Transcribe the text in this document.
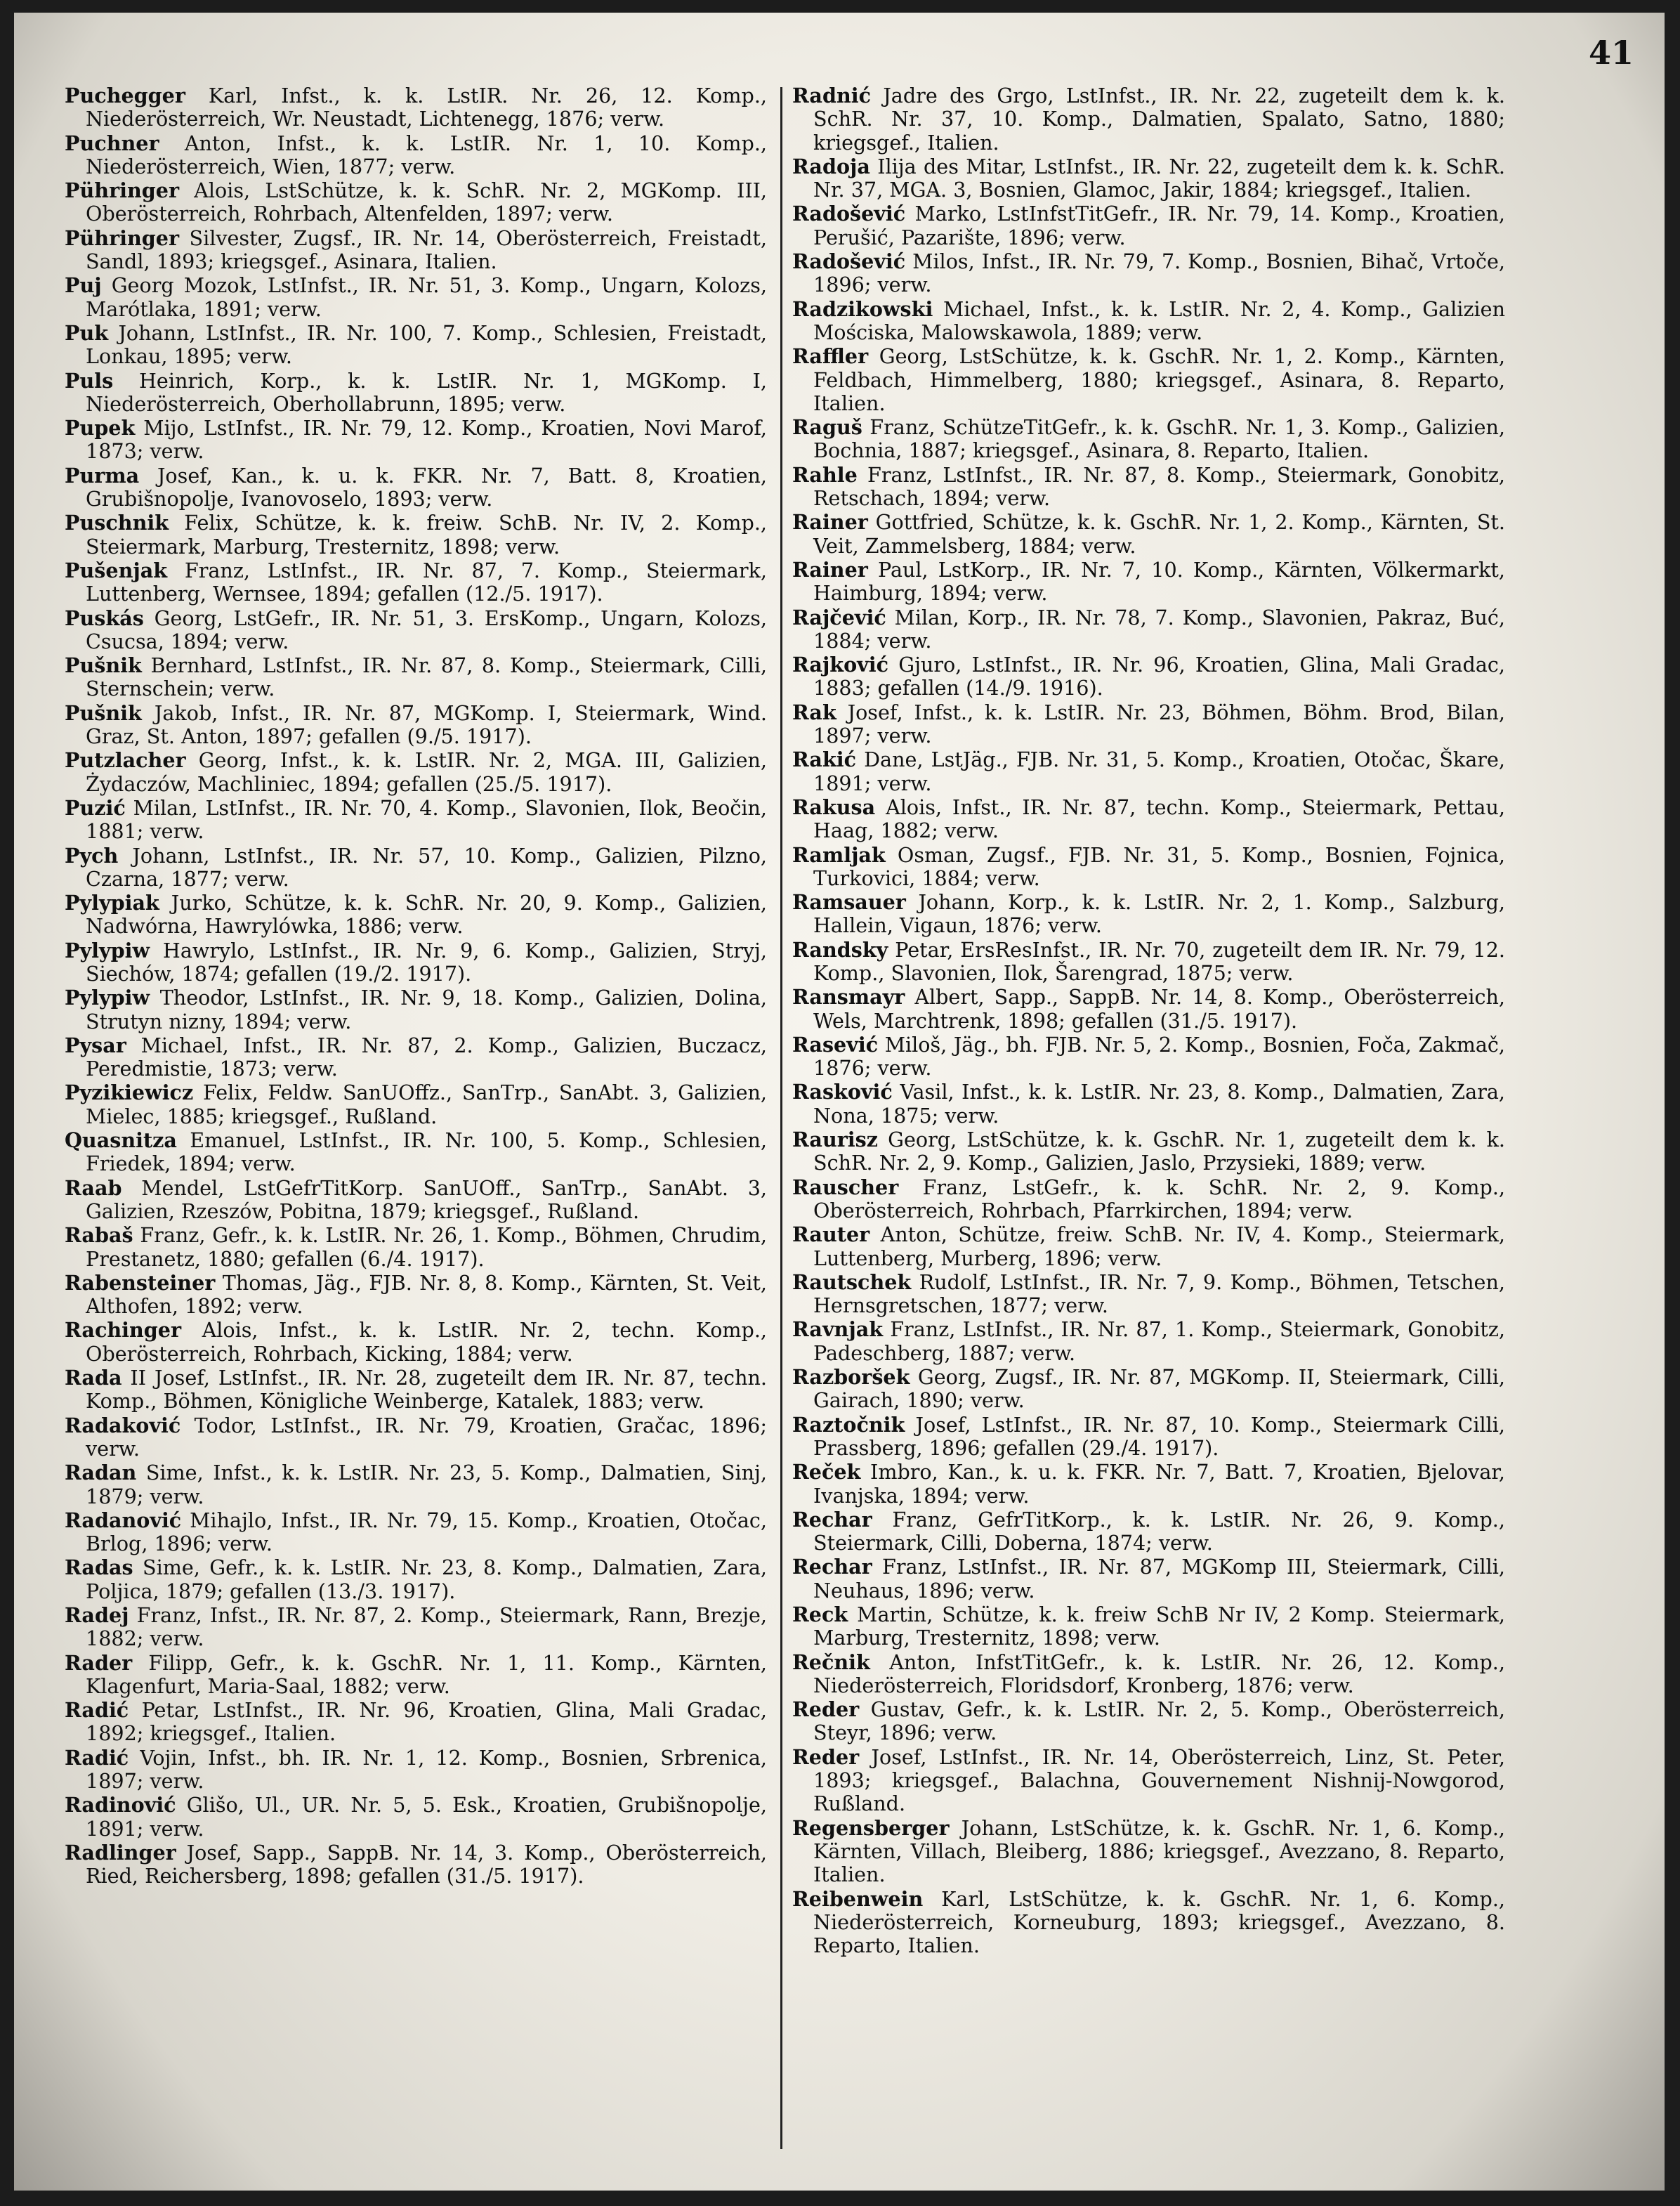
41

Puchegger Karl, Infst., k. k. LstIR. Nr. 26, 12. Komp., Niederösterreich, Wr. Neustadt, Lichtenegg, 1876; verw.

Puchner Anton, Infst., k. k. LstIR. Nr. 1, 10. Komp., Niederösterreich, Wien, 1877; verw.

Pühringer Alois, LstSchütze, k. k. SchR. Nr. 2, MGKomp. III, Oberösterreich, Rohrbach, Altenfelden, 1897; verw.

Pühringer Silvester, Zugsf., IR. Nr. 14, Oberösterreich, Freistadt, Sandl, 1893; kriegsgef., Asinara, Italien.

Puj Georg Mozok, LstInfst., IR. Nr. 51, 3. Komp., Ungarn, Kolozs, Marótlaka, 1891; verw.

Puk Johann, LstInfst., IR. Nr. 100, 7. Komp., Schlesien, Freistadt, Lonkau, 1895; verw.

Puls Heinrich, Korp., k. k. LstIR. Nr. 1, MGKomp. I, Niederösterreich, Oberhollabrunn, 1895; verw.

Pupek Mijo, LstInfst., IR. Nr. 79, 12. Komp., Kroatien, Novi Marof, 1873; verw.

Purma Josef, Kan., k. u. k. FKR. Nr. 7, Batt. 8, Kroatien, Grubišnopolje, Ivanovoselo, 1893; verw.

Puschnik Felix, Schütze, k. k. freiw. SchB. Nr. IV, 2. Komp., Steiermark, Marburg, Tresternitz, 1898; verw.

Pušenjak Franz, LstInfst., IR. Nr. 87, 7. Komp., Steiermark, Luttenberg, Wernsee, 1894; gefallen (12./5. 1917).

Puskás Georg, LstGefr., IR. Nr. 51, 3. ErsKomp., Ungarn, Kolozs, Csucsa, 1894; verw.

Pušnik Bernhard, LstInfst., IR. Nr. 87, 8. Komp., Steiermark, Cilli, Sternschein; verw.

Pušnik Jakob, Infst., IR. Nr. 87, MGKomp. I, Steiermark, Wind. Graz, St. Anton, 1897; gefallen (9./5. 1917).

Putzlacher Georg, Infst., k. k. LstIR. Nr. 2, MGA. III, Galizien, Żydaczów, Machliniec, 1894; gefallen (25./5. 1917).

Puzić Milan, LstInfst., IR. Nr. 70, 4. Komp., Slavonien, Ilok, Beočin, 1881; verw.

Pych Johann, LstInfst., IR. Nr. 57, 10. Komp., Galizien, Pilzno, Czarna, 1877; verw.

Pylypiak Jurko, Schütze, k. k. SchR. Nr. 20, 9. Komp., Galizien, Nadwórna, Hawrylówka, 1886; verw.

Pylypiw Hawrylo, LstInfst., IR. Nr. 9, 6. Komp., Galizien, Stryj, Siechów, 1874; gefallen (19./2. 1917).

Pylypiw Theodor, LstInfst., IR. Nr. 9, 18. Komp., Galizien, Dolina, Strutyn nizny, 1894; verw.

Pysar Michael, Infst., IR. Nr. 87, 2. Komp., Galizien, Buczacz, Peredmistie, 1873; verw.

Pyzikiewicz Felix, Feldw. SanUOffz., SanTrp., SanAbt. 3, Galizien, Mielec, 1885; kriegsgef., Rußland.

Quasnitza Emanuel, LstInfst., IR. Nr. 100, 5. Komp., Schlesien, Friedek, 1894; verw.

Raab Mendel, LstGefrTitKorp. SanUOff., SanTrp., SanAbt. 3, Galizien, Rzeszów, Pobitna, 1879; kriegsgef., Rußland.

Rabaš Franz, Gefr., k. k. LstIR. Nr. 26, 1. Komp., Böhmen, Chrudim, Prestanetz, 1880; gefallen (6./4. 1917).

Rabensteiner Thomas, Jäg., FJB. Nr. 8, 8. Komp., Kärnten, St. Veit, Althofen, 1892; verw.

Rachinger Alois, Infst., k. k. LstIR. Nr. 2, techn. Komp., Oberösterreich, Rohrbach, Kicking, 1884; verw.

Rada II Josef, LstInfst., IR. Nr. 28, zugeteilt dem IR. Nr. 87, techn. Komp., Böhmen, Königliche Weinberge, Katalek, 1883; verw.

Radaković Todor, LstInfst., IR. Nr. 79, Kroatien, Gračac, 1896; verw.

Radan Sime, Infst., k. k. LstIR. Nr. 23, 5. Komp., Dalmatien, Sinj, 1879; verw.

Radanović Mihajlo, Infst., IR. Nr. 79, 15. Komp., Kroatien, Otočac, Brlog, 1896; verw.

Radas Sime, Gefr., k. k. LstIR. Nr. 23, 8. Komp., Dalmatien, Zara, Poljica, 1879; gefallen (13./3. 1917).

Radej Franz, Infst., IR. Nr. 87, 2. Komp., Steiermark, Rann, Brezje, 1882; verw.

Rader Filipp, Gefr., k. k. GschR. Nr. 1, 11. Komp., Kärnten, Klagenfurt, Maria-Saal, 1882; verw.

Radić Petar, LstInfst., IR. Nr. 96, Kroatien, Glina, Mali Gradac, 1892; kriegsgef., Italien.

Radić Vojin, Infst., bh. IR. Nr. 1, 12. Komp., Bosnien, Srbrenica, 1897; verw.

Radinović Glišo, Ul., UR. Nr. 5, 5. Esk., Kroatien, Grubišnopolje, 1891; verw.

Radlinger Josef, Sapp., SappB. Nr. 14, 3. Komp., Oberösterreich, Ried, Reichersberg, 1898; gefallen (31./5. 1917).

Radnić Jadre des Grgo, LstInfst., IR. Nr. 22, zugeteilt dem k. k. SchR. Nr. 37, 10. Komp., Dalmatien, Spalato, Satno, 1880; kriegsgef., Italien.

Radoja Ilija des Mitar, LstInfst., IR. Nr. 22, zugeteilt dem k. k. SchR. Nr. 37, MGA. 3, Bosnien, Glamoc, Jakir, 1884; kriegsgef., Italien.

Radošević Marko, LstInfstTitGefr., IR. Nr. 79, 14. Komp., Kroatien, Perušić, Pazarište, 1896; verw.

Radošević Milos, Infst., IR. Nr. 79, 7. Komp., Bosnien, Bihač, Vrtoče, 1896; verw.

Radzikowski Michael, Infst., k. k. LstIR. Nr. 2, 4. Komp., Galizien Mościska, Malowskawola, 1889; verw.

Raffler Georg, LstSchütze, k. k. GschR. Nr. 1, 2. Komp., Kärnten, Feldbach, Himmelberg, 1880; kriegsgef., Asinara, 8. Reparto, Italien.

Raguš Franz, SchützeTitGefr., k. k. GschR. Nr. 1, 3. Komp., Galizien, Bochnia, 1887; kriegsgef., Asinara, 8. Reparto, Italien.

Rahle Franz, LstInfst., IR. Nr. 87, 8. Komp., Steiermark, Gonobitz, Retschach, 1894; verw.

Rainer Gottfried, Schütze, k. k. GschR. Nr. 1, 2. Komp., Kärnten, St. Veit, Zammelsberg, 1884; verw.

Rainer Paul, LstKorp., IR. Nr. 7, 10. Komp., Kärnten, Völkermarkt, Haimburg, 1894; verw.

Rajčević Milan, Korp., IR. Nr. 78, 7. Komp., Slavonien, Pakraz, Buć, 1884; verw.

Rajković Gjuro, LstInfst., IR. Nr. 96, Kroatien, Glina, Mali Gradac, 1883; gefallen (14./9. 1916).

Rak Josef, Infst., k. k. LstIR. Nr. 23, Böhmen, Böhm. Brod, Bilan, 1897; verw.

Rakić Dane, LstJäg., FJB. Nr. 31, 5. Komp., Kroatien, Otočac, Škare, 1891; verw.

Rakusa Alois, Infst., IR. Nr. 87, techn. Komp., Steiermark, Pettau, Haag, 1882; verw.

Ramljak Osman, Zugsf., FJB. Nr. 31, 5. Komp., Bosnien, Fojnica, Turkovici, 1884; verw.

Ramsauer Johann, Korp., k. k. LstIR. Nr. 2, 1. Komp., Salzburg, Hallein, Vigaun, 1876; verw.

Randsky Petar, ErsResInfst., IR. Nr. 70, zugeteilt dem IR. Nr. 79, 12. Komp., Slavonien, Ilok, Šarengrad, 1875; verw.

Ransmayr Albert, Sapp., SappB. Nr. 14, 8. Komp., Oberösterreich, Wels, Marchtrenk, 1898; gefallen (31./5. 1917).

Rasević Miloš, Jäg., bh. FJB. Nr. 5, 2. Komp., Bosnien, Foča, Zakmač, 1876; verw.

Rasković Vasil, Infst., k. k. LstIR. Nr. 23, 8. Komp., Dalmatien, Zara, Nona, 1875; verw.

Raurisz Georg, LstSchütze, k. k. GschR. Nr. 1, zugeteilt dem k. k. SchR. Nr. 2, 9. Komp., Galizien, Jaslo, Przysieki, 1889; verw.

Rauscher Franz, LstGefr., k. k. SchR. Nr. 2, 9. Komp., Oberösterreich, Rohrbach, Pfarrkirchen, 1894; verw.

Rauter Anton, Schütze, freiw. SchB. Nr. IV, 4. Komp., Steiermark, Luttenberg, Murberg, 1896; verw.

Rautschek Rudolf, LstInfst., IR. Nr. 7, 9. Komp., Böhmen, Tetschen, Hernsgretschen, 1877; verw.

Ravnjak Franz, LstInfst., IR. Nr. 87, 1. Komp., Steiermark, Gonobitz, Padeschberg, 1887; verw.

Razboršek Georg, Zugsf., IR. Nr. 87, MGKomp. II, Steiermark, Cilli, Gairach, 1890; verw.

Raztočnik Josef, LstInfst., IR. Nr. 87, 10. Komp., Steiermark Cilli, Prassberg, 1896; gefallen (29./4. 1917).

Reček Imbro, Kan., k. u. k. FKR. Nr. 7, Batt. 7, Kroatien, Bjelovar, Ivanjska, 1894; verw.

Rechar Franz, GefrTitKorp., k. k. LstIR. Nr. 26, 9. Komp., Steiermark, Cilli, Doberna, 1874; verw.

Rechar Franz, LstInfst., IR. Nr. 87, MGKomp III, Steiermark, Cilli, Neuhaus, 1896; verw.

Reck Martin, Schütze, k. k. freiw SchB Nr IV, 2 Komp. Steiermark, Marburg, Tresternitz, 1898; verw.

Rečnik Anton, InfstTitGefr., k. k. LstIR. Nr. 26, 12. Komp., Niederösterreich, Floridsdorf, Kronberg, 1876; verw.

Reder Gustav, Gefr., k. k. LstIR. Nr. 2, 5. Komp., Oberösterreich, Steyr, 1896; verw.

Reder Josef, LstInfst., IR. Nr. 14, Oberösterreich, Linz, St. Peter, 1893; kriegsgef., Balachna, Gouvernement Nishnij-Nowgorod, Rußland.

Regensberger Johann, LstSchütze, k. k. GschR. Nr. 1, 6. Komp., Kärnten, Villach, Bleiberg, 1886; kriegsgef., Avezzano, 8. Reparto, Italien.

Reibenwein Karl, LstSchütze, k. k. GschR. Nr. 1, 6. Komp., Niederösterreich, Korneuburg, 1893; kriegsgef., Avezzano, 8. Reparto, Italien.
